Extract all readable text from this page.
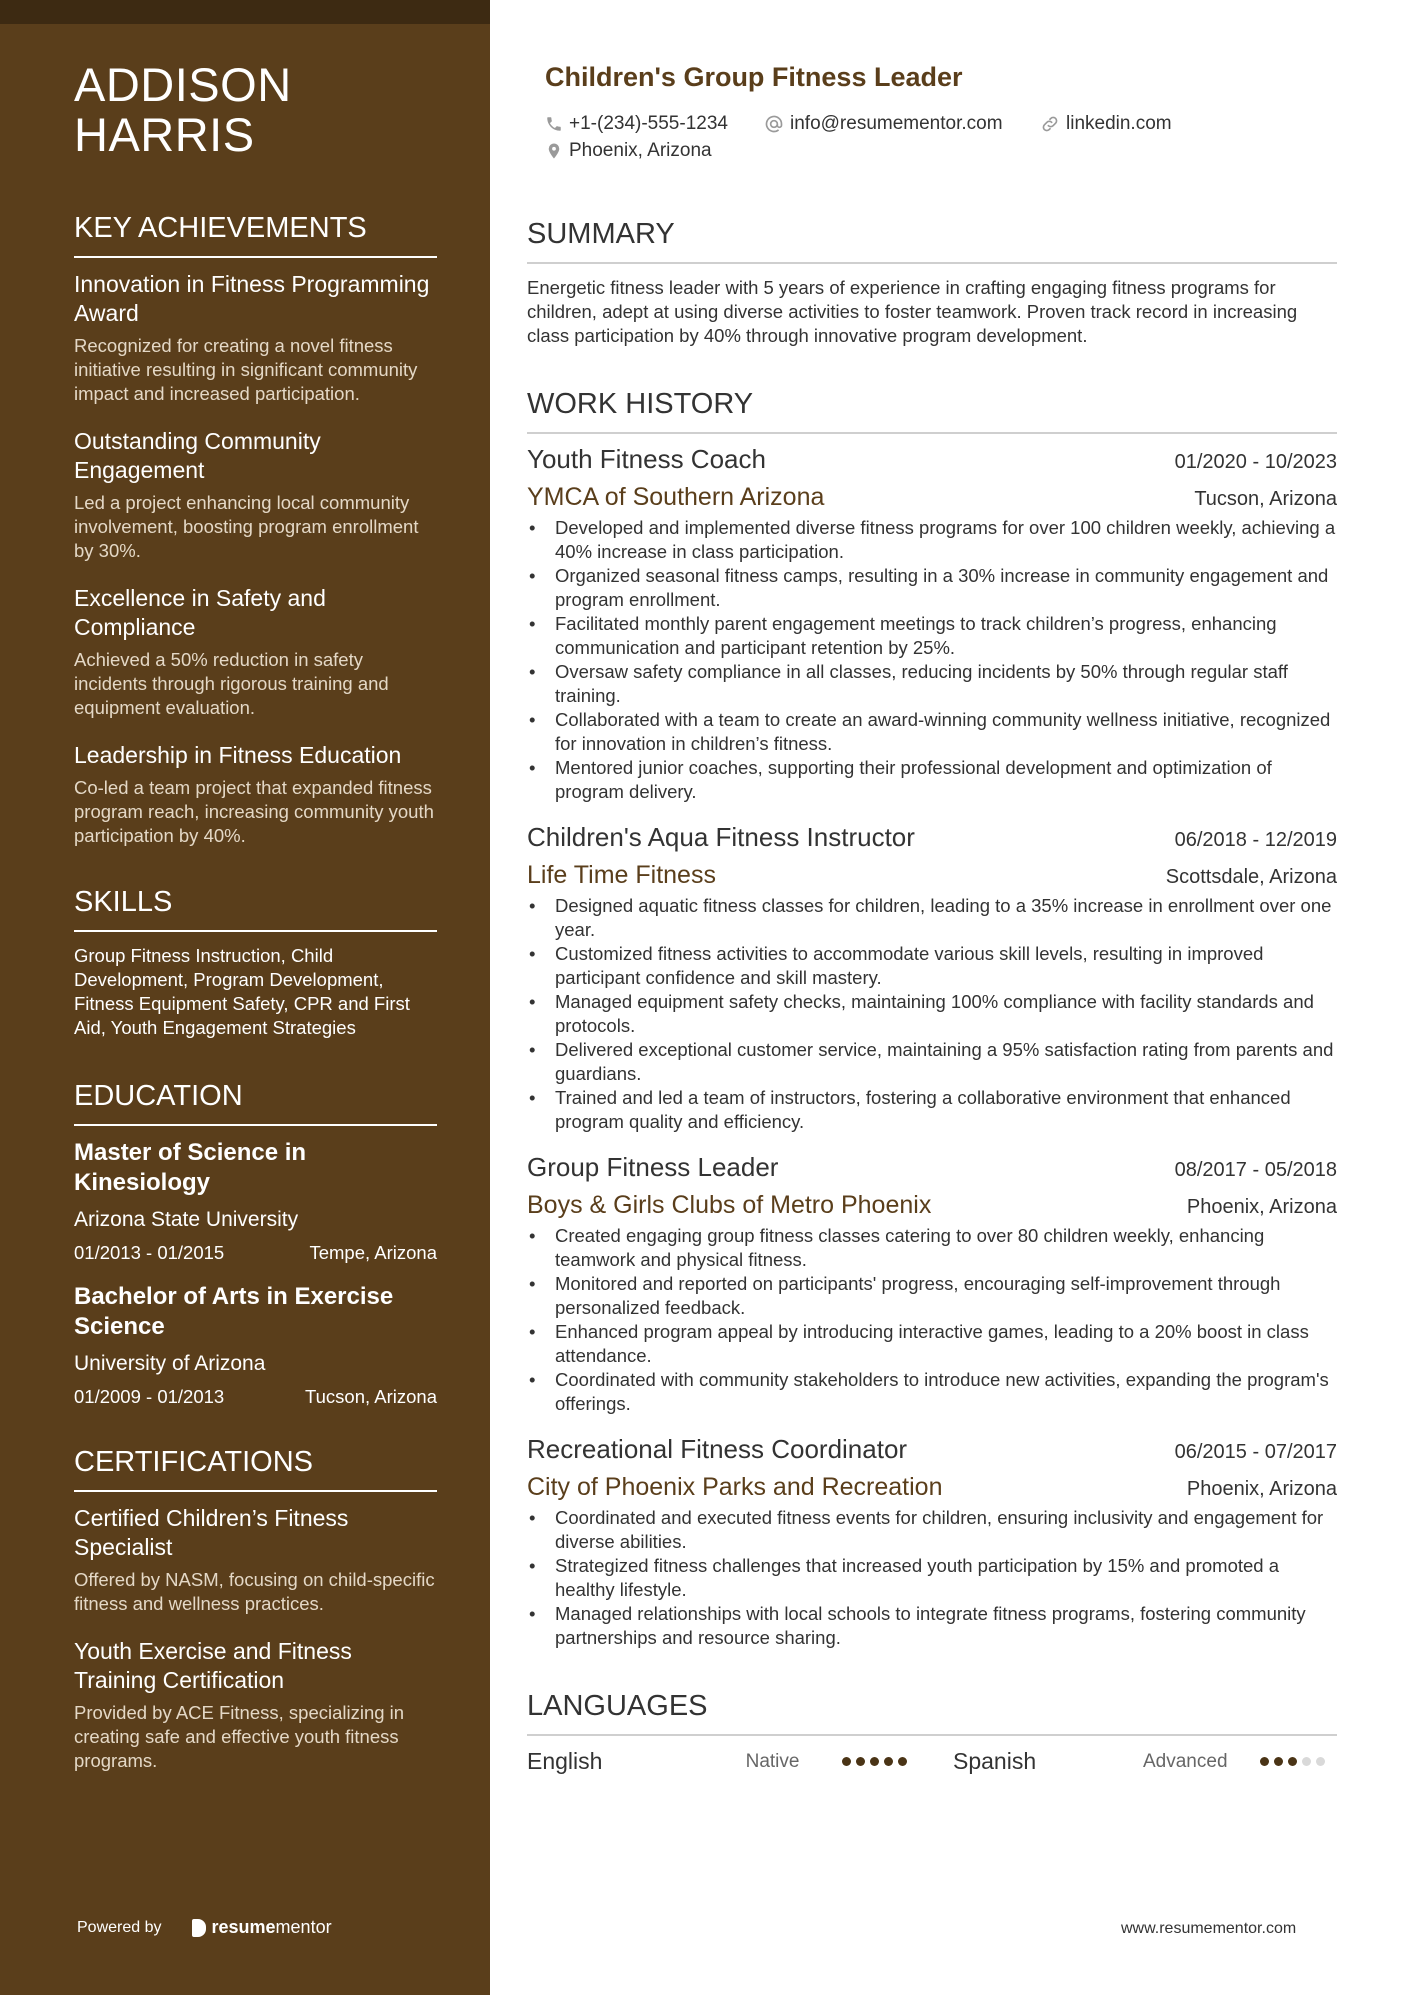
ADDISON
HARRIS
KEY ACHIEVEMENTS

Innovation in Fitness Programming Award

Recognized for creating a novel fitness initiative resulting in significant community impact and increased participation.

Outstanding Community Engagement

Led a project enhancing local community involvement, boosting program enrollment by 30%.

Excellence in Safety and Compliance

Achieved a 50% reduction in safety incidents through rigorous training and equipment evaluation.

Leadership in Fitness Education

Co-led a team project that expanded fitness program reach, increasing community youth participation by 40%.

SKILLS

Group Fitness Instruction, Child Development, Program Development, Fitness Equipment Safety, CPR and First Aid, Youth Engagement Strategies

EDUCATION

Master of Science in Kinesiology

Arizona State University

01/2013 - 01/2015	Tempe, Arizona

Bachelor of Arts in Exercise Science

University of Arizona

01/2009 - 01/2013	Tucson, Arizona
CERTIFICATIONS

Certified Children’s Fitness Specialist

Offered by NASM, focusing on child-specific fitness and wellness practices.

Youth Exercise and Fitness Training Certification

Provided by ACE Fitness, specializing in creating safe and effective youth fitness programs.

Powered by	resume mentor
Children's Group Fitness Leader
+1-(234)-555-1234	info@resumementor.com	linkedin.com
Phoenix, Arizona
SUMMARY

Energetic fitness leader with 5 years of experience in crafting engaging fitness programs for children, adept at using diverse activities to foster teamwork. Proven track record in increasing class participation by 40% through innovative program development.

WORK HISTORY

Youth Fitness Coach	01/2020 - 10/2023

YMCA of Southern Arizona	Tucson, Arizona
• Developed and implemented diverse fitness programs for over 100 children weekly, achieving a 40% increase in class participation.
• Organized seasonal fitness camps, resulting in a 30% increase in community engagement and program enrollment.
• Facilitated monthly parent engagement meetings to track children’s progress, enhancing communication and participant retention by 25%.
• Oversaw safety compliance in all classes, reducing incidents by 50% through regular staff training.
• Collaborated with a team to create an award-winning community wellness initiative, recognized for innovation in children’s fitness.
• Mentored junior coaches, supporting their professional development and optimization of program delivery.

Children's Aqua Fitness Instructor	06/2018 - 12/2019

Life Time Fitness	Scottsdale, Arizona
• Designed aquatic fitness classes for children, leading to a 35% increase in enrollment over one year.
• Customized fitness activities to accommodate various skill levels, resulting in improved participant confidence and skill mastery.
• Managed equipment safety checks, maintaining 100% compliance with facility standards and protocols.
• Delivered exceptional customer service, maintaining a 95% satisfaction rating from parents and guardians.
• Trained and led a team of instructors, fostering a collaborative environment that enhanced program quality and efficiency.

Group Fitness Leader	08/2017 - 05/2018

Boys & Girls Clubs of Metro Phoenix	Phoenix, Arizona
• Created engaging group fitness classes catering to over 80 children weekly, enhancing teamwork and physical fitness.
• Monitored and reported on participants' progress, encouraging self-improvement through personalized feedback.
• Enhanced program appeal by introducing interactive games, leading to a 20% boost in class attendance.
• Coordinated with community stakeholders to introduce new activities, expanding the program's offerings.

Recreational Fitness Coordinator	06/2015 - 07/2017

City of Phoenix Parks and Recreation	Phoenix, Arizona
• Coordinated and executed fitness events for children, ensuring inclusivity and engagement for diverse abilities.
• Strategized fitness challenges that increased youth participation by 15% and promoted a healthy lifestyle.
• Managed relationships with local schools to integrate fitness programs, fostering community partnerships and resource sharing.
LANGUAGES
English	Native	Spanish	Advanced
www.resumementor.com
